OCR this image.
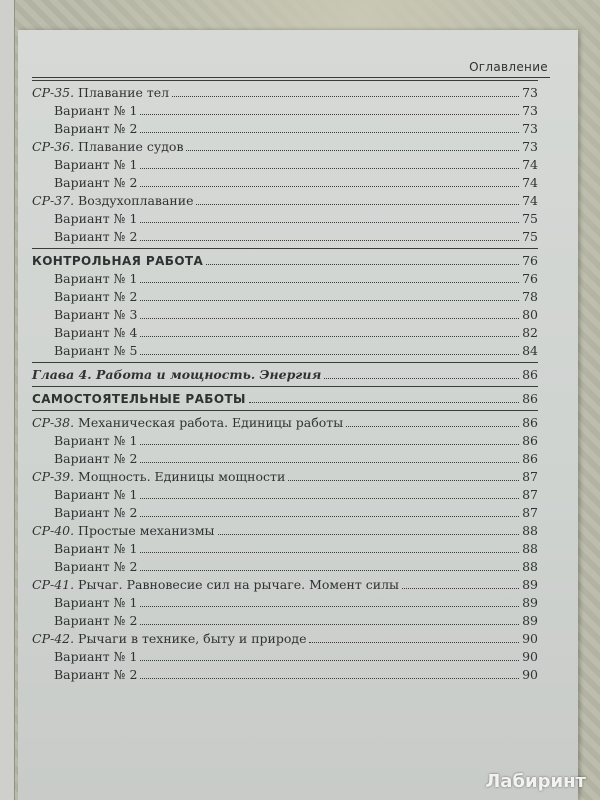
Оглавление
СР-35. Плавание тел	73
Вариант № 1	73
Вариант № 2	73
СР-36. Плавание судов	73
Вариант № 1	74
Вариант № 2	74
СР-37. Воздухоплавание	74
Вариант № 1	75
Вариант № 2	75
КОНТРОЛЬНАЯ РАБОТА	76
Вариант № 1	76
Вариант № 2	78
Вариант № 3	80
Вариант № 4	82
Вариант № 5	84
Глава 4. Работа и мощность. Энергия	86
САМОСТОЯТЕЛЬНЫЕ РАБОТЫ	86
СР-38. Механическая работа. Единицы работы	86
Вариант № 1	86
Вариант № 2	86
СР-39. Мощность. Единицы мощности	87
Вариант № 1	87
Вариант № 2	87
СР-40. Простые механизмы	88
Вариант № 1	88
Вариант № 2	88
СР-41. Рычаг. Равновесие сил на рычаге. Момент силы	89
Вариант № 1	89
Вариант № 2	89
СР-42. Рычаги в технике, быту и природе	90
Вариант № 1	90
Вариант № 2	90
Лабиринт
